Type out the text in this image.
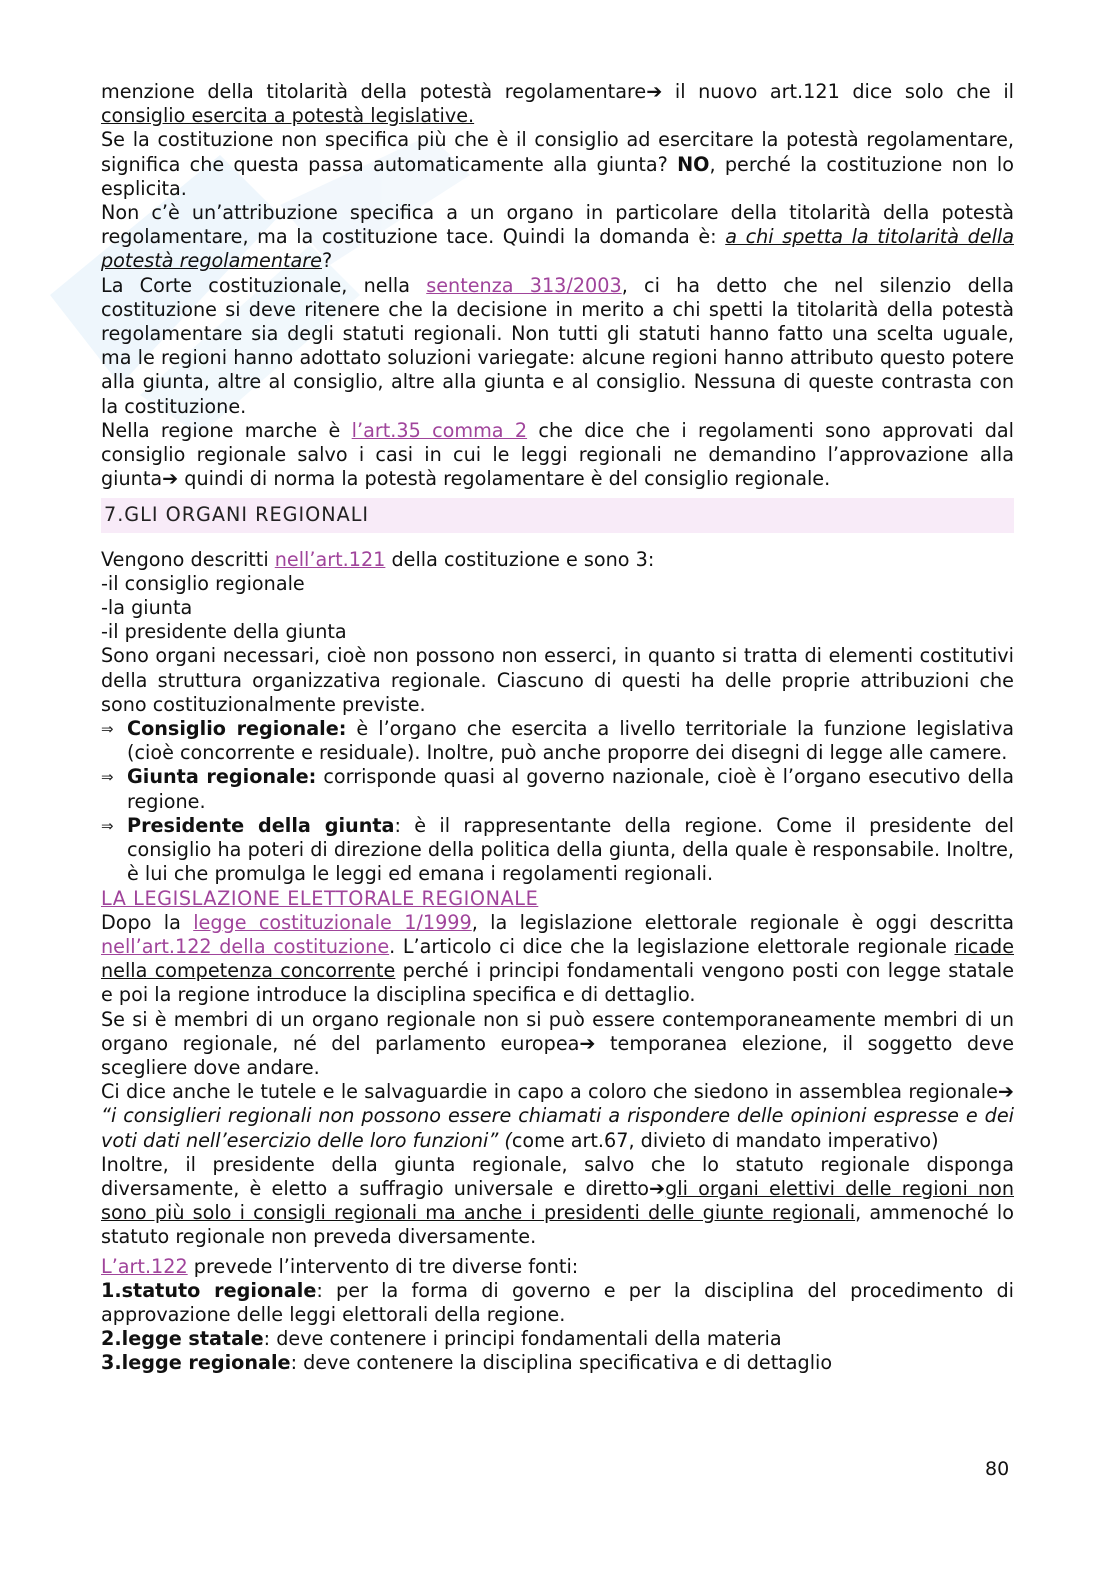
menzione della titolarità della potestà regolamentare➔ il nuovo art.121 dice solo che il consiglio esercita a potestà legislative.

Se la costituzione non specifica più che è il consiglio ad esercitare la potestà regolamentare, significa che questa passa automaticamente alla giunta? NO, perché la costituzione non lo esplicita.

Non c’è un’attribuzione specifica a un organo in particolare della titolarità della potestà regolamentare, ma la costituzione tace. Quindi la domanda è: a chi spetta la titolarità della potestà regolamentare?

La Corte costituzionale, nella sentenza 313/2003, ci ha detto che nel silenzio della costituzione si deve ritenere che la decisione in merito a chi spetti la titolarità della potestà regolamentare sia degli statuti regionali. Non tutti gli statuti hanno fatto una scelta uguale, ma le regioni hanno adottato soluzioni variegate: alcune regioni hanno attributo questo potere alla giunta, altre al consiglio, altre alla giunta e al consiglio. Nessuna di queste contrasta con la costituzione.

Nella regione marche è l’art.35 comma 2 che dice che i regolamenti sono approvati dal consiglio regionale salvo i casi in cui le leggi regionali ne demandino l’approvazione alla giunta➔ quindi di norma la potestà regolamentare è del consiglio regionale.

7.GLI ORGANI REGIONALI

Vengono descritti nell’art.121 della costituzione e sono 3:

-il consiglio regionale

-la giunta

-il presidente della giunta

Sono organi necessari, cioè non possono non esserci, in quanto si tratta di elementi costitutivi della struttura organizzativa regionale. Ciascuno di questi ha delle proprie attribuzioni che sono costituzionalmente previste.

⇒ Consiglio regionale: è l’organo che esercita a livello territoriale la funzione legislativa (cioè concorrente e residuale). Inoltre, può anche proporre dei disegni di legge alle camere.
⇒ Giunta regionale: corrisponde quasi al governo nazionale, cioè è l’organo esecutivo della regione.
⇒ Presidente della giunta: è il rappresentante della regione. Come il presidente del consiglio ha poteri di direzione della politica della giunta, della quale è responsabile. Inoltre, è lui che promulga le leggi ed emana i regolamenti regionali.

LA LEGISLAZIONE ELETTORALE REGIONALE

Dopo la legge costituzionale 1/1999, la legislazione elettorale regionale è oggi descritta nell’art.122 della costituzione. L’articolo ci dice che la legislazione elettorale regionale ricade nella competenza concorrente perché i principi fondamentali vengono posti con legge statale e poi la regione introduce la disciplina specifica e di dettaglio.

Se si è membri di un organo regionale non si può essere contemporaneamente membri di un organo regionale, né del parlamento europea➔ temporanea elezione, il soggetto deve scegliere dove andare.

Ci dice anche le tutele e le salvaguardie in capo a coloro che siedono in assemblea regionale➔ “i consiglieri regionali non possono essere chiamati a rispondere delle opinioni espresse e dei voti dati nell’esercizio delle loro funzioni” (come art.67, divieto di mandato imperativo)

Inoltre, il presidente della giunta regionale, salvo che lo statuto regionale disponga diversamente, è eletto a suffragio universale e diretto➔gli organi elettivi delle regioni non sono più solo i consigli regionali ma anche i presidenti delle giunte regionali, ammenoché lo statuto regionale non preveda diversamente.

L’art.122 prevede l’intervento di tre diverse fonti:

1.statuto regionale: per la forma di governo e per la disciplina del procedimento di approvazione delle leggi elettorali della regione.

2.legge statale: deve contenere i principi fondamentali della materia

3.legge regionale: deve contenere la disciplina specificativa e di dettaglio

80
